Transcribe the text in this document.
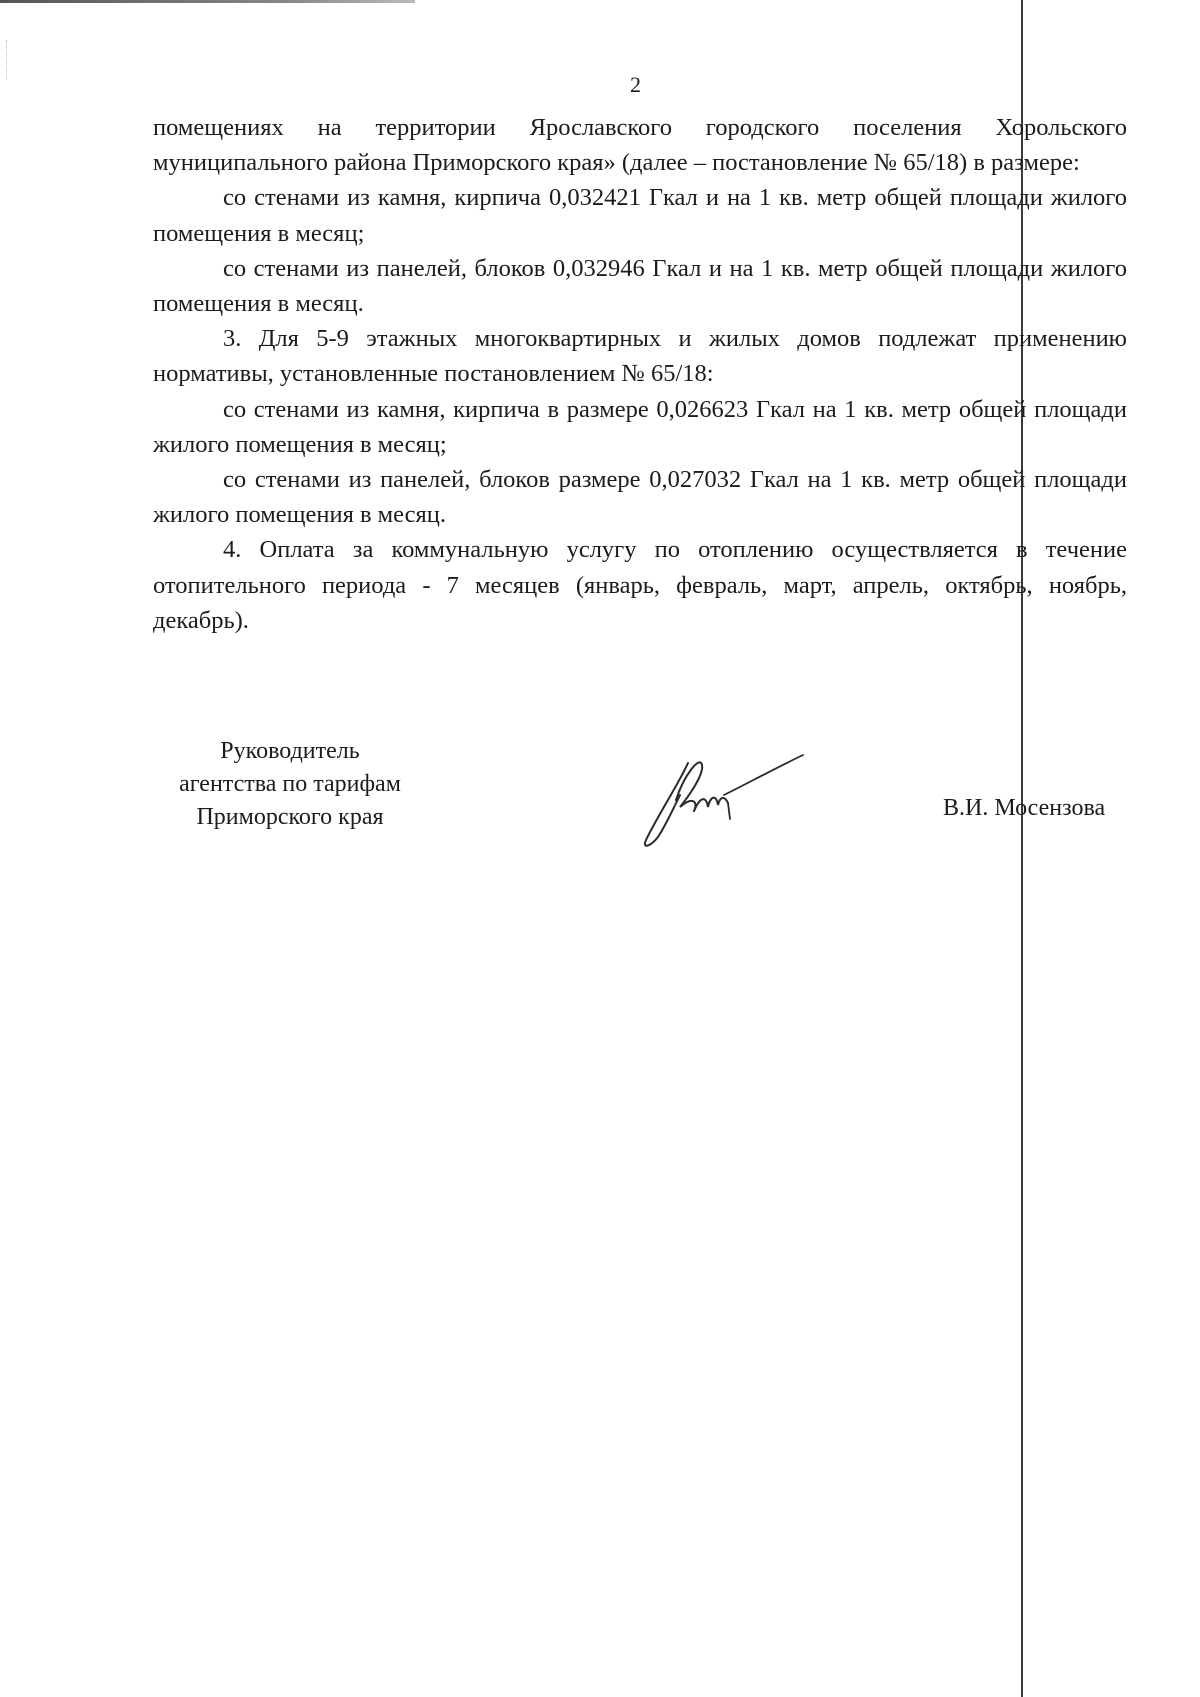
2

помещениях на территории Ярославского городского поселения Хорольского муниципального района Приморского края» (далее – постановление № 65/18) в размере:

со стенами из камня, кирпича 0,032421 Гкал и на 1 кв. метр общей площади жилого помещения в месяц;

со стенами из панелей, блоков 0,032946 Гкал и на 1 кв. метр общей площади жилого помещения в месяц.

3. Для 5-9 этажных многоквартирных и жилых домов подлежат применению нормативы, установленные постановлением № 65/18:

со стенами из камня, кирпича в размере 0,026623 Гкал на 1 кв. метр общей площади жилого помещения в месяц;

со стенами из панелей, блоков размере 0,027032 Гкал на 1 кв. метр общей площади жилого помещения в месяц.

4. Оплата за коммунальную услугу по отоплению осуществляется в течение отопительного периода - 7 месяцев (январь, февраль, март, апрель, октябрь, ноябрь, декабрь).

Руководитель
агентства по тарифам
Приморского края	В.И. Мосензова
